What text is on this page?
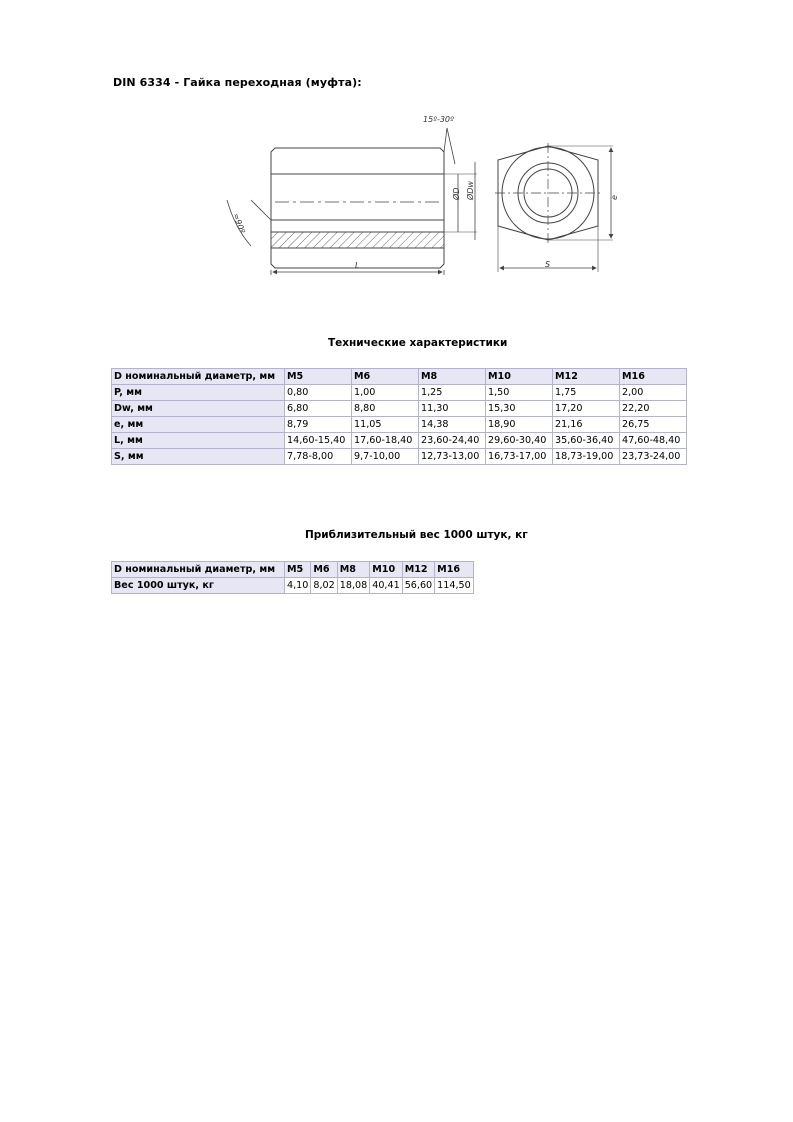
DIN 6334 - Гайка переходная (муфта):
15º-30º
≈90º
ØD ØDw
L	S
e
Технические характеристики
D номинальный диаметр, мм	M5	M6	M8	M10	M12	M16
P, мм	0,80	1,00	1,25	1,50	1,75	2,00
Dw, мм	6,80	8,80	11,30	15,30	17,20	22,20
e, мм	8,79	11,05	14,38	18,90	21,16	26,75
L, мм	14,60-15,40	17,60-18,40	23,60-24,40	29,60-30,40	35,60-36,40	47,60-48,40
S, мм	7,78-8,00	9,7-10,00	12,73-13,00	16,73-17,00	18,73-19,00	23,73-24,00
Приблизительный вес 1000 штук, кг
D номинальный диаметр, мм	M5	M6	M8	M10	M12	M16
Вес 1000 штук, кг	4,10	8,02	18,08	40,41	56,60	114,50
